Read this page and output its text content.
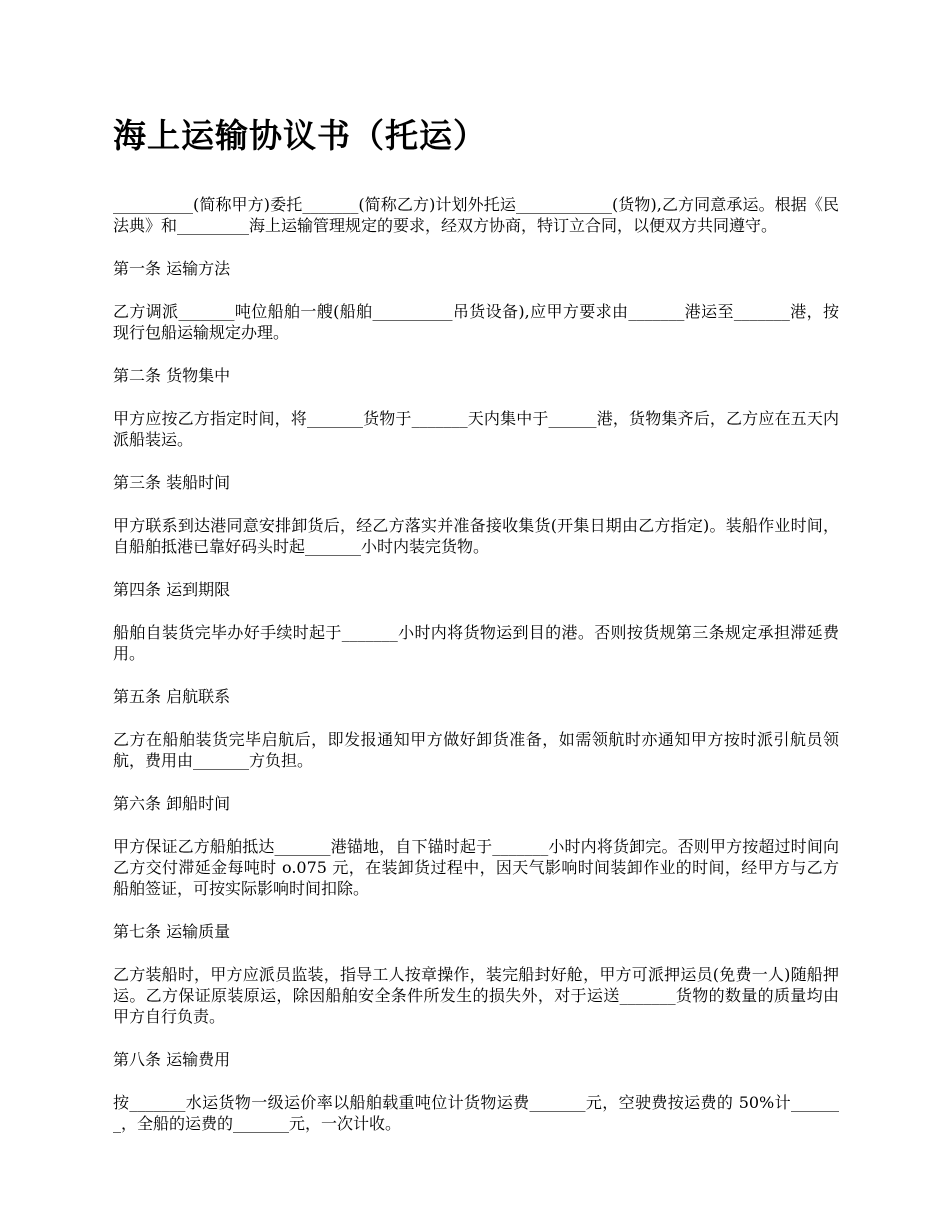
海上运输协议书（托运）

__________(简称甲方)委托_______(简称乙方)计划外托运____________(货物),乙方同意承运。根据《民法典》和_________海上运输管理规定的要求，经双方协商，特订立合同，以便双方共同遵守。

第一条 运输方法

乙方调派_______吨位船舶一艘(船舶__________吊货设备),应甲方要求由_______港运至_______港，按现行包船运输规定办理。

第二条 货物集中

甲方应按乙方指定时间，将_______货物于_______天内集中于______港，货物集齐后，乙方应在五天内派船装运。

第三条 装船时间

甲方联系到达港同意安排卸货后，经乙方落实并准备接收集货(开集日期由乙方指定)。装船作业时间，自船舶抵港已靠好码头时起_______小时内装完货物。

第四条 运到期限

船舶自装货完毕办好手续时起于_______小时内将货物运到目的港。否则按货规第三条规定承担滞延费用。

第五条 启航联系

乙方在船舶装货完毕启航后，即发报通知甲方做好卸货准备，如需领航时亦通知甲方按时派引航员领航，费用由_______方负担。

第六条 卸船时间

甲方保证乙方船舶抵达_______港锚地，自下锚时起于_______小时内将货卸完。否则甲方按超过时间向乙方交付滞延金每吨时 o.075 元，在装卸货过程中，因天气影响时间装卸作业的时间，经甲方与乙方船舶签证，可按实际影响时间扣除。

第七条 运输质量

乙方装船时，甲方应派员监装，指导工人按章操作，装完船封好舱，甲方可派押运员(免费一人)随船押运。乙方保证原装原运，除因船舶安全条件所发生的损失外，对于运送_______货物的数量的质量均由甲方自行负责。

第八条 运输费用

按_______水运货物一级运价率以船舶载重吨位计货物运费_______元，空驶费按运费的 50%计_______，全船的运费的_______元，一次计收。
